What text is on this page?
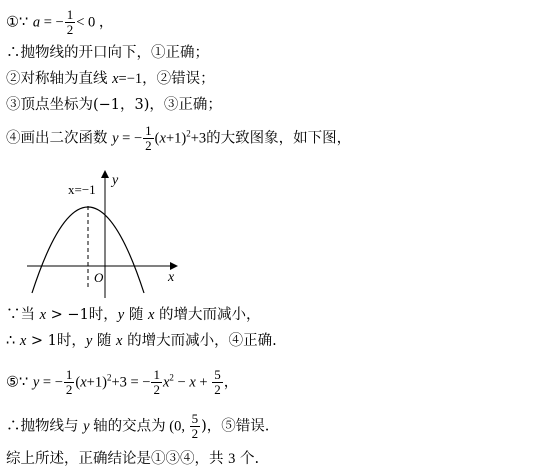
①∵ a = − $\frac{1}{2} < 0$ ，
∴抛物线的开口向下，①正确；
②对称轴为直线 x=−1，②错误；
③顶点坐标为(−1，3)，③正确；
④画出二次函数 y = − $\frac{1}{2} (x+1)^2+3$的大致图象，如下图，
x=−1
y
x
O
∵当 x > −1时，y 随 x 的增大而减小，
∴ x > 1时，y 随 x 的增大而减小，④正确.
⑤∵ y = − $\frac{1}{2} (x+1)^2+3$ = − $\frac{1}{2} x^2 - x + \frac{5}{2}$ ，
∴抛物线与 y 轴的交点为 (0, $\frac{5}{2}$ )，⑤错误.
综上所述，正确结论是①③④，共 3 个.
